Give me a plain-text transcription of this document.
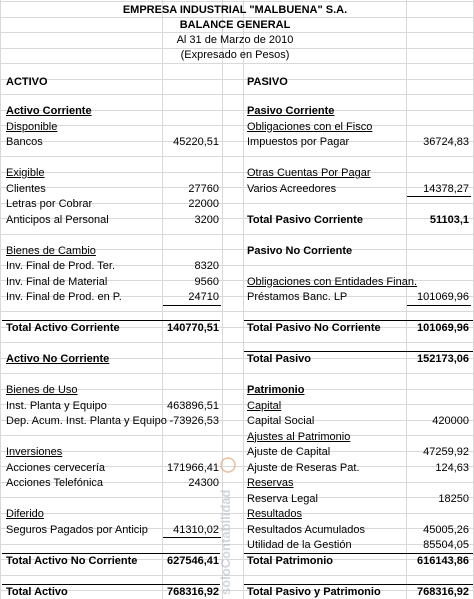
EMPRESA INDUSTRIAL "MALBUENA" S.A.
BALANCE GENERAL
Al 31 de Marzo de 2010
(Expresado en Pesos)
ACTIVO	PASIVO
Activo Corriente
Disponible
Bancos	45220,51
Exigible
Clientes	27760
Letras por Cobrar	22000
Anticipos al Personal	3200
Bienes de Cambio
Inv. Final de Prod. Ter.	8320
Inv. Final de Material	9560
Inv. Final de Prod. en P.	24710
Total Activo Corriente	140770,51
Activo No Corriente
Bienes de Uso
Inst. Planta y Equipo	463896,51
Dep. Acum. Inst. Planta y Equipo -73926,53
Inversiones
Acciones cervecería	171966,41
Acciones Telefónica	24300
Diferido
Seguros Pagados por Anticip 41310,02
Total Activo No Corriente	627546,41
Total Activo	768316,92
Pasivo Corriente
Obligaciones con el Fisco
Impuestos por Pagar	36724,83
Otras Cuentas Por Pagar
Varios Acreedores	14378,27
Total Pasivo Corriente	51103,1
Pasivo No Corriente
Obligaciones con Entidades Finan.
Préstamos Banc. LP	101069,96
Total Pasivo No Corriente	101069,96
Total Pasivo	152173,06
Patrimonio
Capital
Capital Social	420000
Ajustes al Patrimonio
Ajuste de Capital	47259,92
Ajuste de Reseras Pat.	124,63
Reservas
Reserva Legal	18250
Resultados
Resultados Acumulados	45005,26
Utilidad de la Gestión	85504,05
Total Patrimonio	616143,86
Total Pasivo y Patrimonio	768316,92
soloContabilidad
